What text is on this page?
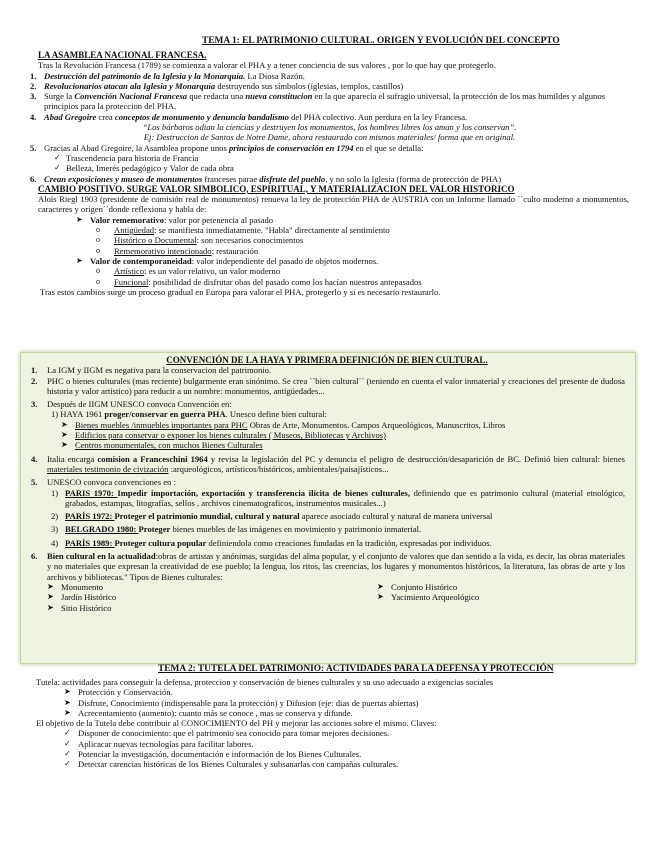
TEMA 1: EL PATRIMONIO CULTURAL. ORIGEN Y EVOLUCIÓN DEL CONCEPTO
LA ASAMBLEA NACIONAL FRANCESA.
Tras la Revolución Francesa (1789) se comienza a valorar el PHA y a tener conciencia de sus valores , por lo que hay que protegerlo.
1. Destrucción del patrimonio de la Iglesia y la Monarquía. La Diosa Razón.
2. Revolucionarios atacan ala Iglesia y Monarquía destruyendo sus símbolos (iglesias, templos, castillos)
3. Surge la Convención Nacional Francesa que redacta una nueva constitucion en la que aparecía el sufragio universal, la protección de los mas humildes y algunos principios para la proteccion del PHA.
4. Abad Gregoire crea conceptos de monumento y denuncia bandalismo del PHA colectivo. Aun perdura en la ley Francesa.
“Los bárbaros odian la ciencias y destruyen los monumentos, los hombres libres los aman y los conservan”.
Ej: Destruccion de Santos de Notre Dame, ahora restaurado con mismos materiales/ forma que en original.
5. Gracias al Abad Gregoire, la Asamblea propone unos principios de conservación en 1794 en el que se detalla:
✓ Trascendencia para historia de Francia
✓ Belleza, Imerés pedagógico y Valor de cada obra
6. Crean exposiciones y museo de monumentos franceses parae disfrute del pueblo, y no solo la Iglesia (forma de protección de PHA)
CAMBIO POSITIVO. SURGE VALOR SIMBOLICO, ESPIRITUAL, Y MATERIALIZACION DEL VALOR HISTORICO
Aloïs Riegl 1903 (presidente de comisión real de monumentos) renueva la ley de protección PHA de AUSTRIA con un Informe llamado ``culto moderno a monumentos, caracteres y origen´´donde reflexiona y habla de:
➤ Valor rememorativo: valor por petenencia al pasado
o Antigüedad: se manifiesta inmediatamente. "Habla" directamente al sentimiento
o Histórico o Documental: son necesarios conocimientos
o Rememorativo intencionado: restauración
➤ Valor de contemporaneidad: valor independiente del pasado de objetos modernos.
o Artístico: es un valor relativo, un valor moderno
o Funcional: posibilidad de disfrutar obas del pasado como los hacían nuestros antepasados
Tras estos cambios surge un proceso gradual en Europa para valorar el PHA, protegerlo y si es necesario restaurarlo.
CONVENCIÓN DE LA HAYA Y PRIMERA DEFINICIÓN DE BIEN CULTURAL.
1. La IGM y IIGM es negativa para la conservacion del patrimonio.
2. PHC o bienes culturales (mas reciente) bulgarmente eran sinónimo. Se crea ``bien cultural´´ (teniendo en cuenta el valor inmaterial y creaciones del presente de dudosa historia y valor artistico) para reducir a un nombre: monumentos, antigüedades...
3. Después de IIGM UNESCO convoca Convención en:
1) HAYA 1961 proger/conservar en guerra PHA. Unesco define bien cultural:
➤ Bienes muebles /inmuebles importantes para PHC Obras de Arte, Monumentos. Campos Arqueológicos, Manuscritos, Libros
➤ Edificios para conservar o exponer los bienes culturales ( Museos, Bibliotecas y Archivos)
➤ Centros monumentales, con muchos Bienes Culturales
4. Italia encarga comision a Franceschini 1964 y revisa la legislación del PC y denuncia el peligro de destrucción/desaparición de BC. Definió bien cultural: bienes materiales testimonio de civización :arqueológicos, artísticos/históricos, ambientales/paisajísticos...
5. UNESCO convoca convenciones en :
1) PARIS 1970: Impedir importación, exportación y transferencia ilícita de bienes culturales, definiendo que es patrimonio cultural (material etnológico, grabados, estampas, litografías, sellos , archivos cinematograficos, instrumentos musicales...)
2) PARÍS 1972: Proteger el patrimonio mundial, cultural y natural aparece asociado cultural y natural de manera universal
3) BELGRADO 1980: Proteger bienes muebles de las imágenes en movimiento y patrimonio inmaterial.
4) PARÍS 1989: Proteger cultura popular definiendola como creaciones fundadas en la tradición, expresadas por individuos.
6. Bien cultural en la actualidad:obras de artistas y anónimas, surgidas del alma popular, y el conjunto de valores que dan sentido a la vida, es decir, las obras materiales y no materiales que expresan la creatividad de ese pueblo; la lengua, los ritos, las creencias, los lugares y monumentos históricos, la literatura, las obras de arte y los archivos y bibliotecas." Tipos de Bienes culturales:
➤ Monumento
➤ Jardín Histórico
➤ Sitio Histórico
➤ Conjunto Histórico
➤ Yacimiento Arqueológico
TEMA 2: TUTELA DEL PATRIMONIO: ACTIVIDADES PARA LA DEFENSA Y PROTECCIÓN
Tutela: actividades para conseguir la defensa, proteccion y conservación de bienes culturales y su uso adecuado a exigencias sociales
➤ Protección y Conservación.
➤ Disfrute, Conocimiento (indispensable para la protección) y Difusion (eje: dias de puertas abiertas)
➤ Acrecentamiento (aumento): cuanto más se conoce , mas se conserva y difunde.
El objetivo de la Tutela debe contribuir al CONOCIMIENTO del PH y mejorar las acciones sobre el mismo. Claves:
✓ Disponer de conocimiento: que el patrimonio sea conocido para tomar mejores decisiones.
✓ Aplicacar nuevas tecnologías para facilitar labores.
✓ Potenciar la investigación, documentación e información de los Bienes Culturales.
✓ Detectar carencias históricas de los Bienes Culturales y subsanarlas con campañas culturales.
